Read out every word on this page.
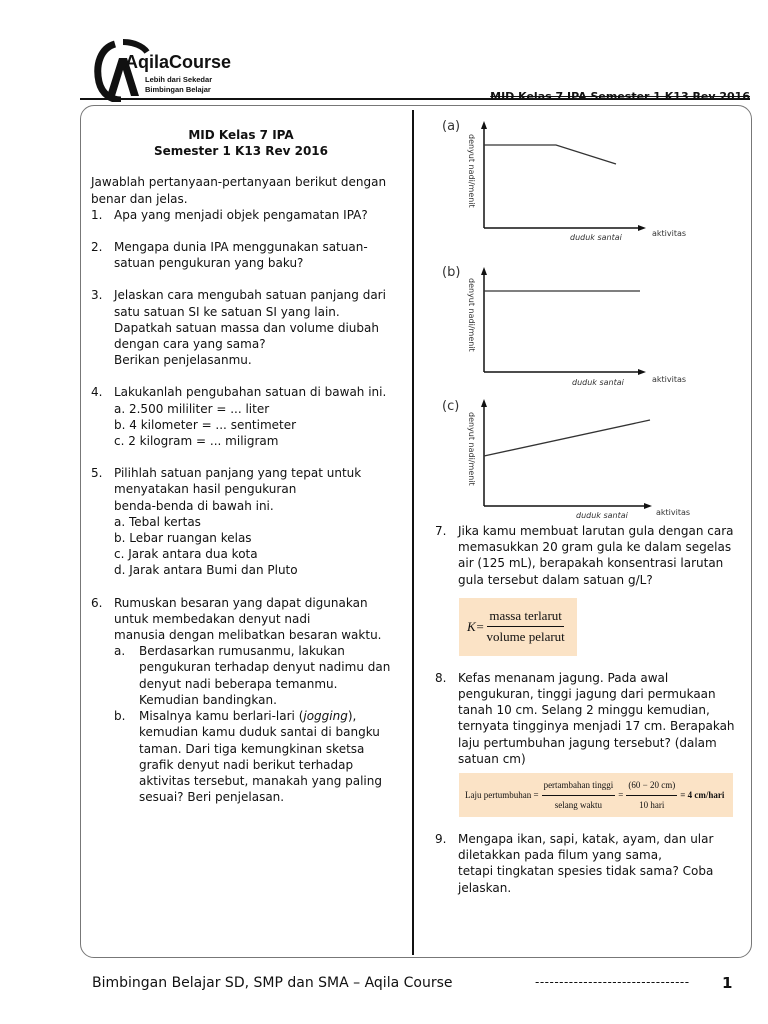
AqilaCourse
Lebih dari Sekedar
Bimbingan Belajar
MID Kelas 7 IPA Semester 1 K13 Rev 2016
MID Kelas 7 IPA
Semester 1 K13 Rev 2016
Jawablah pertanyaan-pertanyaan berikut dengan benar dan jelas.
1. Apa yang menjadi objek pengamatan IPA?
2. Mengapa dunia IPA menggunakan satuan-satuan pengukuran yang baku?
3. Jelaskan cara mengubah satuan panjang dari satu satuan SI ke satuan SI yang lain. Dapatkah satuan massa dan volume diubah dengan cara yang sama?
Berikan penjelasanmu.
4. Lakukanlah pengubahan satuan di bawah ini.
a. 2.500 mililiter = ... liter
b. 4 kilometer = ... sentimeter
c. 2 kilogram = ... miligram
5. Pilihlah satuan panjang yang tepat untuk
menyatakan hasil pengukuran
benda-benda di bawah ini.
a. Tebal kertas
b. Lebar ruangan kelas
c. Jarak antara dua kota
d. Jarak antara Bumi dan Pluto
6. Rumuskan besaran yang dapat digunakan
untuk membedakan denyut nadi
manusia dengan melibatkan besaran waktu.
a.	Berdasarkan rumusanmu, lakukan pengukuran terhadap denyut nadimu dan denyut nadi beberapa temanmu. Kemudian bandingkan.
b.	Misalnya kamu berlari-lari (jogging), kemudian kamu duduk santai di bangku taman. Dari tiga kemungkinan sketsa grafik denyut nadi berikut terhadap aktivitas tersebut, manakah yang paling sesuai? Beri penjelasan.
(a)
denyut nadi/menit
duduk santai	aktivitas
(b)
denyut nadi/menit
duduk santai	aktivitas
(c)
denyut nadi/menit
duduk santai	aktivitas
7. Jika kamu membuat larutan gula dengan cara memasukkan 20 gram gula ke dalam segelas air (125 mL), berapakah konsentrasi larutan gula tersebut dalam satuan g/L?
$K= \frac{\text{massa terlarut}}{\text{volume pelarut}}$
8. Kefas menanam jagung. Pada awal pengukuran, tinggi jagung dari permukaan tanah 10 cm. Selang 2 minggu kemudian, ternyata tingginya menjadi 17 cm. Berapakah laju pertumbuhan jagung tersebut? (dalam satuan cm)
Laju pertumbuhan = $\frac{\text{pertambahan tinggi}}{\text{selang waktu}} = \frac{(60 - 20 cm)}{\text{10 hari}} = 4$ cm/hari
9. Mengapa ikan, sapi, katak, ayam, dan ular diletakkan pada filum yang sama,
tetapi tingkatan spesies tidak sama? Coba jelaskan.
Bimbingan Belajar SD, SMP dan SMA – Aqila Course	-------------------------------- 1
